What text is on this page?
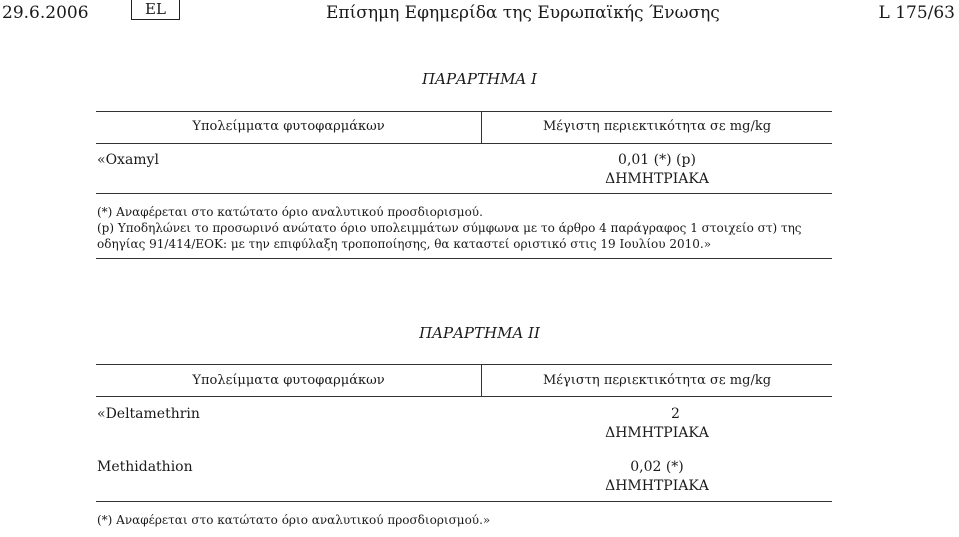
29.6.2006	EL	Επίσημη Εφημερίδα της Ευρωπαϊκής Ένωσης	L 175/63
ΠΑΡΑΡΤΗΜΑ I
Υπολείμματα φυτοφαρμάκων	Μέγιστη περιεκτικότητα σε mg/kg
«Oxamyl	0,01 (*) (p)
ΔΗΜΗΤΡΙΑΚΑ
(*) Αναφέρεται στο κατώτατο όριο αναλυτικού προσδιορισμού.
(p) Υποδηλώνει το προσωρινό ανώτατο όριο υπολειμμάτων σύμφωνα με το άρθρο 4 παράγραφος 1 στοιχείο στ) της οδηγίας 91/414/ΕΟΚ: με την επιφύλαξη τροποποίησης, θα καταστεί οριστικό στις 19 Ιουλίου 2010.»
ΠΑΡΑΡΤΗΜΑ II
Υπολείμματα φυτοφαρμάκων	Μέγιστη περιεκτικότητα σε mg/kg
«Deltamethrin	2
ΔΗΜΗΤΡΙΑΚΑ
Methidathion	0,02 (*)
ΔΗΜΗΤΡΙΑΚΑ
(*) Αναφέρεται στο κατώτατο όριο αναλυτικού προσδιορισμού.»
